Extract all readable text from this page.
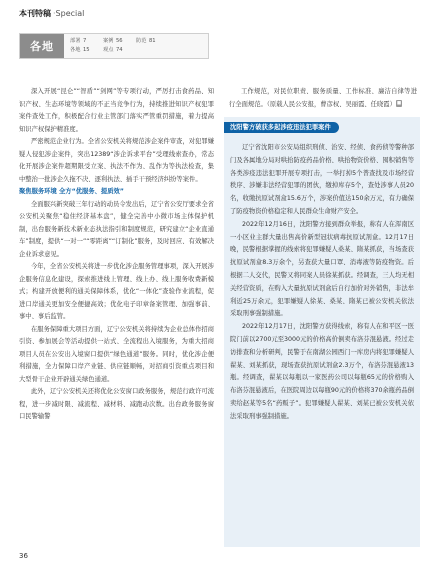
本刊特稿 ·Special
各地	部署 7	案例 56	防范 81
各地 15	观点 74

深入开展“昆仑”“智盾”“剑网”等专项行动，严厉打击食药品、知识产权、生态环境等领域的不正当竞争行为，持续推进知识产权犯罪案件查处工作，积极配合行业主管部门落实严管重罚措施，着力提高知识产权保护精准度。

严密规范企业行为。全省公安机关将规范涉企案件审查，对犯罪嫌疑人侵犯涉企案件，突出12389“涉企诉求平台”受理线索查办，常态化开展涉企案件超期限受立案、执法不作为、乱作为等执法检查，集中整治一批涉企久拖不决、逐利执法、插手干预经济纠纷等案件。

聚焦服务环境 全方“优服务、提质效”

全面服兴新突破三年行动的动员令发出后，辽宁省公安厅要求全省公安机关聚焦“稳住经济基本盘”，健全完善中小微市场主体保护机制，出台服务新技术新业态执法指引和制度规范，研究建立“企业直通车”制度，提供“一对一”“零距离”“订制化”服务，及时回应、有效解决企业诉求意见。

今年，全省公安机关将进一步优化涉企服务管理事项，深入开展涉企服务信息化建设，探索推进线上管理、线上办、线上服务收费新模式；构建开放便利的通关保障体系，优化“一体化”查验作业流程，促进口岸通关更加安全便捷高效；优化电子印章备案管理、加强事前、事中、事后监管。

在服务保障重大项目方面，辽宁公安机关将持续为企业总体作招商引资、参加展会等活动提供一站式、全流程出入境服务，为重大招商项目人员在公安出入境窗口提供“绿色通道”服务。同时，优化涉企便利措施，全力保障口岸产业链、供应链顺畅，对招商引资重点项目和大型骨干企业开辟通关绿色通道。

此外，辽宁公安机关还将优化公安窗口政务服务，规范行政许可流程，进一步减时限、减流程、减材料、减跑动次数。出台政务服务窗口民警输警

工作规范，对民位职责、服务质量、工作标准、廉洁自律等进行全面规范。（原载人民公安报，曹彦权、吴丽霞、任晓霞）■

沈阳警方破获多起涉疫违法犯罪案件

辽宁省沈阳市公安局组织刑侦、治安、经侦、食药侦等警种部门及各属地分局对哄抬防疫药品价格、哄抬物资价格、囤积销售等各类涉疫违法犯罪开展专项打击，一举打掉5个普查找及市场经营秩序、涉嫌非法经营犯罪的团伙，缴掉库存5个，查处涉事人员20名，收缴抗原试剂盒15.6万个，涉案价值达150余万元，有力确保了防疫物资价格稳定和人民群众生命财产安全。

2022年12月16日，沈阳警方接到群众举报，称有人在浑南区一小区业主群大量出售高价新型冠状病毒抗原试剂盒。12月17日晚，民警根据掌握的线索将犯罪嫌疑人桑某、隋某抓获，当场查获抗原试剂盒8.3万余个，另查获大量口罩、消毒液等防疫物资。后根据二人交代，民警又将同案人员徐某抓获。经调查，三人均无相关经营资质，在购入大量抗原试剂盒后自行加价对外销售，非法牟利近25万余元，犯罪嫌疑人徐某、桑某、隋某已被公安机关依法采取刑事强制措施。

2022年12月17日，沈阳警方获得线索，称有人在和平区一医院门前以2700元至3000元的价格高价倒卖布洛芬混悬液。经过走访排查和分析研判，民警于在南湖公园西门一库房内将犯罪嫌疑人翟某、刘某抓获，现场查获抗原试剂盒2.3万个，布洛芬混悬液13瓶。经调查，翟某以每瓶以一家医药公司以每瓶65元的价格购入布洛芬混悬液后，在医院周边以每瓶90元的价格将370余瓶药品倒卖给赵某等5名“药贩子”。犯罪嫌疑人翟某、刘某已被公安机关依法采取刑事强制措施。

36
